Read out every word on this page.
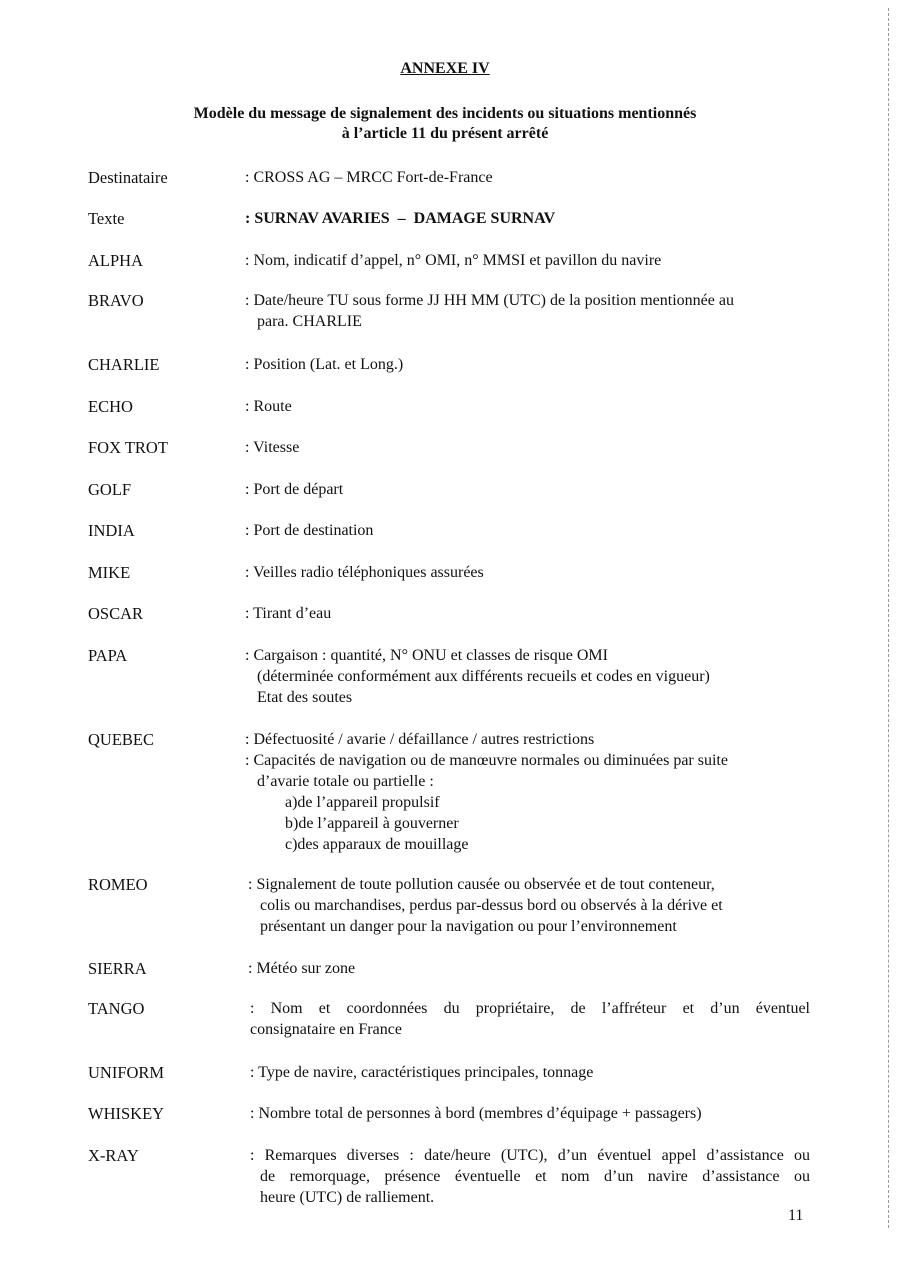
ANNEXE IV
Modèle du message de signalement des incidents ou situations mentionnés
à l’article 11 du présent arrêté
Destinataire	: CROSS AG – MRCC Fort-de-France
Texte	: SURNAV AVARIES  –  DAMAGE SURNAV
ALPHA	: Nom, indicatif d’appel, n° OMI, n° MMSI et pavillon du navire
BRAVO	: Date/heure TU sous forme JJ HH MM (UTC) de la position mentionnée au
para. CHARLIE
CHARLIE	: Position (Lat. et Long.)
ECHO	: Route
FOX TROT	: Vitesse
GOLF	: Port de départ
INDIA	: Port de destination
MIKE	: Veilles radio téléphoniques assurées
OSCAR	: Tirant d’eau
PAPA	: Cargaison : quantité, N° ONU et classes de risque OMI
(déterminée conformément aux différents recueils et codes en vigueur)
Etat des soutes
QUEBEC	: Défectuosité / avarie / défaillance / autres restrictions
: Capacités de navigation ou de manœuvre normales ou diminuées par suite
d’avarie totale ou partielle :
a)de l’appareil propulsif
b)de l’appareil à gouverner
c)des apparaux de mouillage
ROMEO	: Signalement de toute pollution causée ou observée et de tout conteneur,
colis ou marchandises, perdus par-dessus bord ou observés à la dérive et
présentant un danger pour la navigation ou pour l’environnement
SIERRA	: Météo sur zone
TANGO	: Nom et coordonnées du propriétaire, de l’affréteur et d’un éventuel
consignataire en France
UNIFORM	: Type de navire, caractéristiques principales, tonnage
WHISKEY	: Nombre total de personnes à bord (membres d’équipage + passagers)
X-RAY	: Remarques diverses : date/heure (UTC), d’un éventuel appel d’assistance ou
de remorquage, présence éventuelle et nom d’un navire d’assistance ou
heure (UTC) de ralliement.
11
